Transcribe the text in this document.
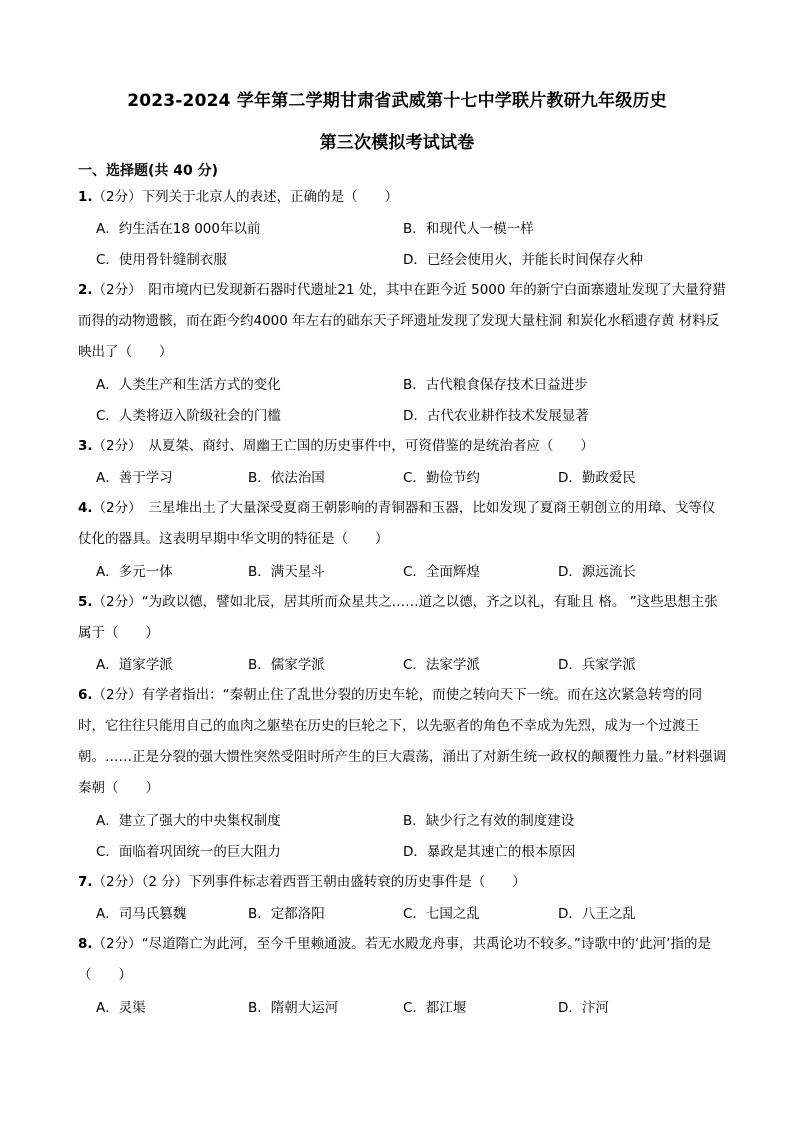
2023-2024 学年第二学期甘肃省武威第十七中学联片教研九年级历史
第三次模拟考试试卷
一、选择题(共 40 分)
1.（2分）下列关于北京人的表述，正确的是（　　）
A．约生活在18 000年以前	B．和现代人一模一样
C．使用骨针缝制衣服	D．已经会使用火，并能长时间保存火种
2.（2分）　阳市境内已发现新石器时代遗址21 处，其中在距今近 5000 年的新宁白面寨遗址发现了大量狩猎而得的动物遗骸，而在距今约4000 年左右的础东天子坪遗址发现了发现大量柱洞 和炭化水稻遗存黄 材料反映出了（　　）
A．人类生产和生活方式的变化	B．古代粮食保存技术日益进步
C．人类将迈入阶级社会的门槛	D．古代农业耕作技术发展显著
3.（2分）　从夏桀、商纣、周幽王亡国的历史事件中，可资借鉴的是统治者应（　　）
A．善于学习	B．依法治国	C．勤俭节约	D．勤政爱民
4.（2分）　三星堆出土了大量深受夏商王朝影响的青铜器和玉器，比如发现了夏商王朝创立的用璋、戈等仪仗化的器具。这表明早期中华文明的特征是（　　）
A．多元一体	B．满天星斗	C．全面辉煌	D．源远流长
5.（2分）“为政以德，譬如北辰，居其所而众星共之……道之以德，齐之以礼，有耻且 格。 ”这些思想主张属于（　　）
A．道家学派	B．儒家学派	C．法家学派	D．兵家学派
6.（2分）有学者指出：“秦朝止住了乱世分裂的历史车轮，而使之转向天下一统。而在这次紧急转弯的同时，它往往只能用自己的血肉之躯垫在历史的巨轮之下，以先驱者的角色不幸成为先烈，成为一个过渡王朝。……正是分裂的强大惯性突然受阻时所产生的巨大震荡，涌出了对新生统一政权的颠覆性力量。”材料强调秦朝（　　）
A．建立了强大的中央集权制度	B．缺少行之有效的制度建设
C．面临着巩固统一的巨大阻力	D．暴政是其速亡的根本原因
7.（2分）（2 分）下列事件标志着西晋王朝由盛转衰的历史事件是（　　）
A．司马氏篡魏	B．定都洛阳	C．七国之乱	D．八王之乱
8.（2分）“尽道隋亡为此河，至今千里赖通波。若无水殿龙舟事，共禹论功不较多。”诗歌中的‘此河’指的是（　　）
A．灵渠	B．隋朝大运河	C．都江堰	D．汴河
